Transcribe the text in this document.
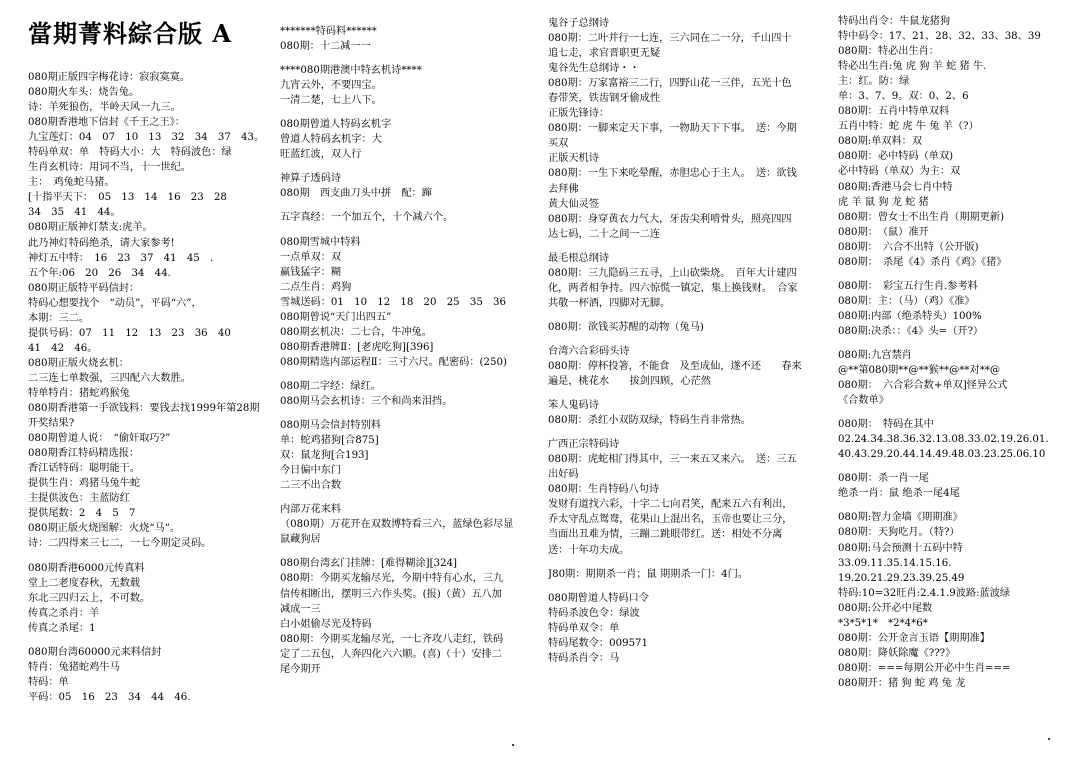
當期菁料綜合版 A
080期正版四字梅花诗：寂寂寞寞。
080期火车头：烧告兔。
诗：羊死狼伤，半岭天风一九三。
080期香港地下信封《千王之王》：
九宝莲灯：04　07　10　13　32　34　37　43。
特码单双：单　特码大小：大　特码波色：绿
生肖玄机诗：用词不当，十一世纪。
主：　鸡兔蛇马猪。
[十指平天下：　05　13　14　16　23　28
34　35　41　44。
080期正版神灯禁支:虎羊。
此乃神灯特码绝杀，请大家参考!
神灯五中特：　16　23　37　41　45　.
五个年:06　20　26　34　44.
080期正版特平码信封：
特码心想要找个　“动员”，平码“六”，
本期：三二。
提供号码：07　11　12　13　23　36　40
41　42　46。
080期正版火烧玄机：
二三连七单数强，三四配六大数胜。
特单特肖：猪蛇鸡猴兔
080期香港第一手欲钱料：要钱去找1999年第28期
开奖结果?
080期曾道人说：　“偷奸取巧?”
080期香江特码精选报：
香江话特码：聪明能干。
提供生肖：鸡猪马兔牛蛇
主提供波色：主蓝防红
提供尾数：2　4　5　7
080期正版火烧图解：火烧“马”。
诗：二四得来三七二，一七今期定灵码。
080期香港6000元传真料
堂上二老度春秋，无数载
东北三四归云上，不可数。
传真之杀肖：羊
传真之杀尾：1
080期台湾60000元来料信封
特肖：兔猪蛇鸡牛马
特码：单
平码：05　16　23　34　44　46.
*******特码料******
080期：十二减一一
****080期港澳中特玄机诗****
九宵云外，不要四宝。
一清二楚，七上八下。
080期曾道人特码玄机字
曾道人特码玄机字：大
旺蓝红波，双人行
神算子透码诗
080期　西支曲刀头中拼　配：蹿
五字真经：一个加五个，十个减六个。
080期雪城中特料
一点单双：双
赢钱猛字：糊
二点生肖：鸡狗
雪城送码：01　10　12　18　20　25　35　36
080期曾说“天门出四五”
080期玄机决：二七合，牛冲兔。
080期香港牌Ⅱ：[老虎吃狗][396]
080期精选内部运程Ⅱ：三寸六尺。配密码：(250)
080期二字经：绿红。
080期马会玄机诗：三个和尚来泪挡。
080期马会信封特别料
单：蛇鸡猪狗[合875]
双：鼠龙狗[合193]
今日偏中东门
二三不出合数
内部万花来料
（080期）万花开在双数博特看三六，蓝绿色彩尽显
鼠藏狗居
080期台湾玄门挂牌：[难得糊涂][324]
080期：今期买龙输尽光，今期中特有心水，三九
信传相断出，摆明三六作头奖。(报)（黄）五八加
减成一三
白小姐偷尽光及特码
080期：今期买龙输尽光，一七齐攻八走红，铁码
定了二五包，人奔四化六六顺。(喜)（十）安排二
尾今期开
鬼谷子总纲诗
080期：二叶并行一七连，三六同在二一分，千山四十
追七走，求官晋职更无疑
鬼谷先生总纲诗・・
080期：万家富裕三二行，四野山花一三伴，五光十色
春带笑，铁齿钢牙偷成性
正版先锋诗：
080期：一脚来定天下事，一物助天下下事。　送：今期
买双
正版天机诗
080期：一生下来吃晕醒，赤胆忠心于主人。　送：欲钱
去拜佛
黄大仙灵签
080期：身穿黄衣力气大，牙齿尖利啃骨头，照亮四四
达七码，二十之间一二连
最毛根总纲诗
080期：三九隐码三五寻，上山砍柴烧。　百年大计建四
化，两者相争持。四六惊慌一镇定，集上换钱财。　合家
共敬一杯酒，四脚对无脚。
080期：欲钱买苏醒的动物（兔马)
台湾六合彩码头诗
080期：停杯投箸，不能食　及至成仙，遂不还　　春来
遍是，桃花水　　拔剑四顾，心茫然
笨人鬼码诗
080期：杀红小双防双绿，特码生肖非常热。
广西正宗特码诗
080期：虎蛇相门得其中，三一来五又来六。　送：三五
出好码
080期：生肖特码八句诗
发财有道找六彩，十字二七向君笑，配来五六有利出，
乔太守乱点鸳鸯，花果山上混出名，玉帝也要让三分，
当面出丑难为情，三蹦二跳眼带红。送：相处不分离
送：十年功夫成。
J80期：期期杀一肖；鼠 期期杀一门：4门。
080期曾道人特码口令
特码杀波色令：绿波
特码单双令：单
特码尾数令：009571
特码杀肖令：马
特码出肖令：牛鼠龙猪狗
特中码令：17、21、28、32、33、38、39
080期：特必出生肖：
特必出生肖:兔 虎 狗 羊 蛇 猪 牛.
主：红。防：绿
单：3、7、9。双：0、2、6
080期：五肖中特单双料
五肖中特：蛇 虎 牛 兔 羊（?）
080期:单双料：双
080期：必中特码（单双)
必中特码（单双）为主：双
080期:香港马会七肖中特
虎 羊 鼠 狗 龙 蛇 猪
080期：曾女士不出生肖（期期更新)
080期：　（鼠）准开
080期：　六合不出特（公开版)
080期：　杀尾《4》杀肖《鸡》《猪》
080期：　彩宝五行生肖.参考料
080期：主：（马）（鸡）《准》
080期:内部（绝杀特头）100%
080期:决杀：：《4》头=（开?）
080期:九宫禁肖
@**第080期**@**猴**@**对**@
080期：　六合彩合数+单双]怪异公式
《合数单》
080期：　特码在其中
02.24.34.38.36.32.13.08.33.02.19.26.01.
40.43.29.20.44.14.49.48.03.23.25.06.10
080期：杀一肖一尾
绝杀一肖：鼠 绝杀一尾4尾
080期:智力金墙《期期准》
080期：天狗吃月。（特?）
080期:马会预测十五码中特
33.09.11.35.14.15.16.
19.20.21.29.23.39.25.49
特码:10=32旺肖:2.4.1.9波路:蓝波绿
080期:公开必中尾数
*3*5*1*　*2*4*6*
080期：公开金言玉语【期期准】
080期：降妖除魔《???》
080期：===每期公开必中生肖===
080期开：猪 狗 蛇 鸡 兔 龙
